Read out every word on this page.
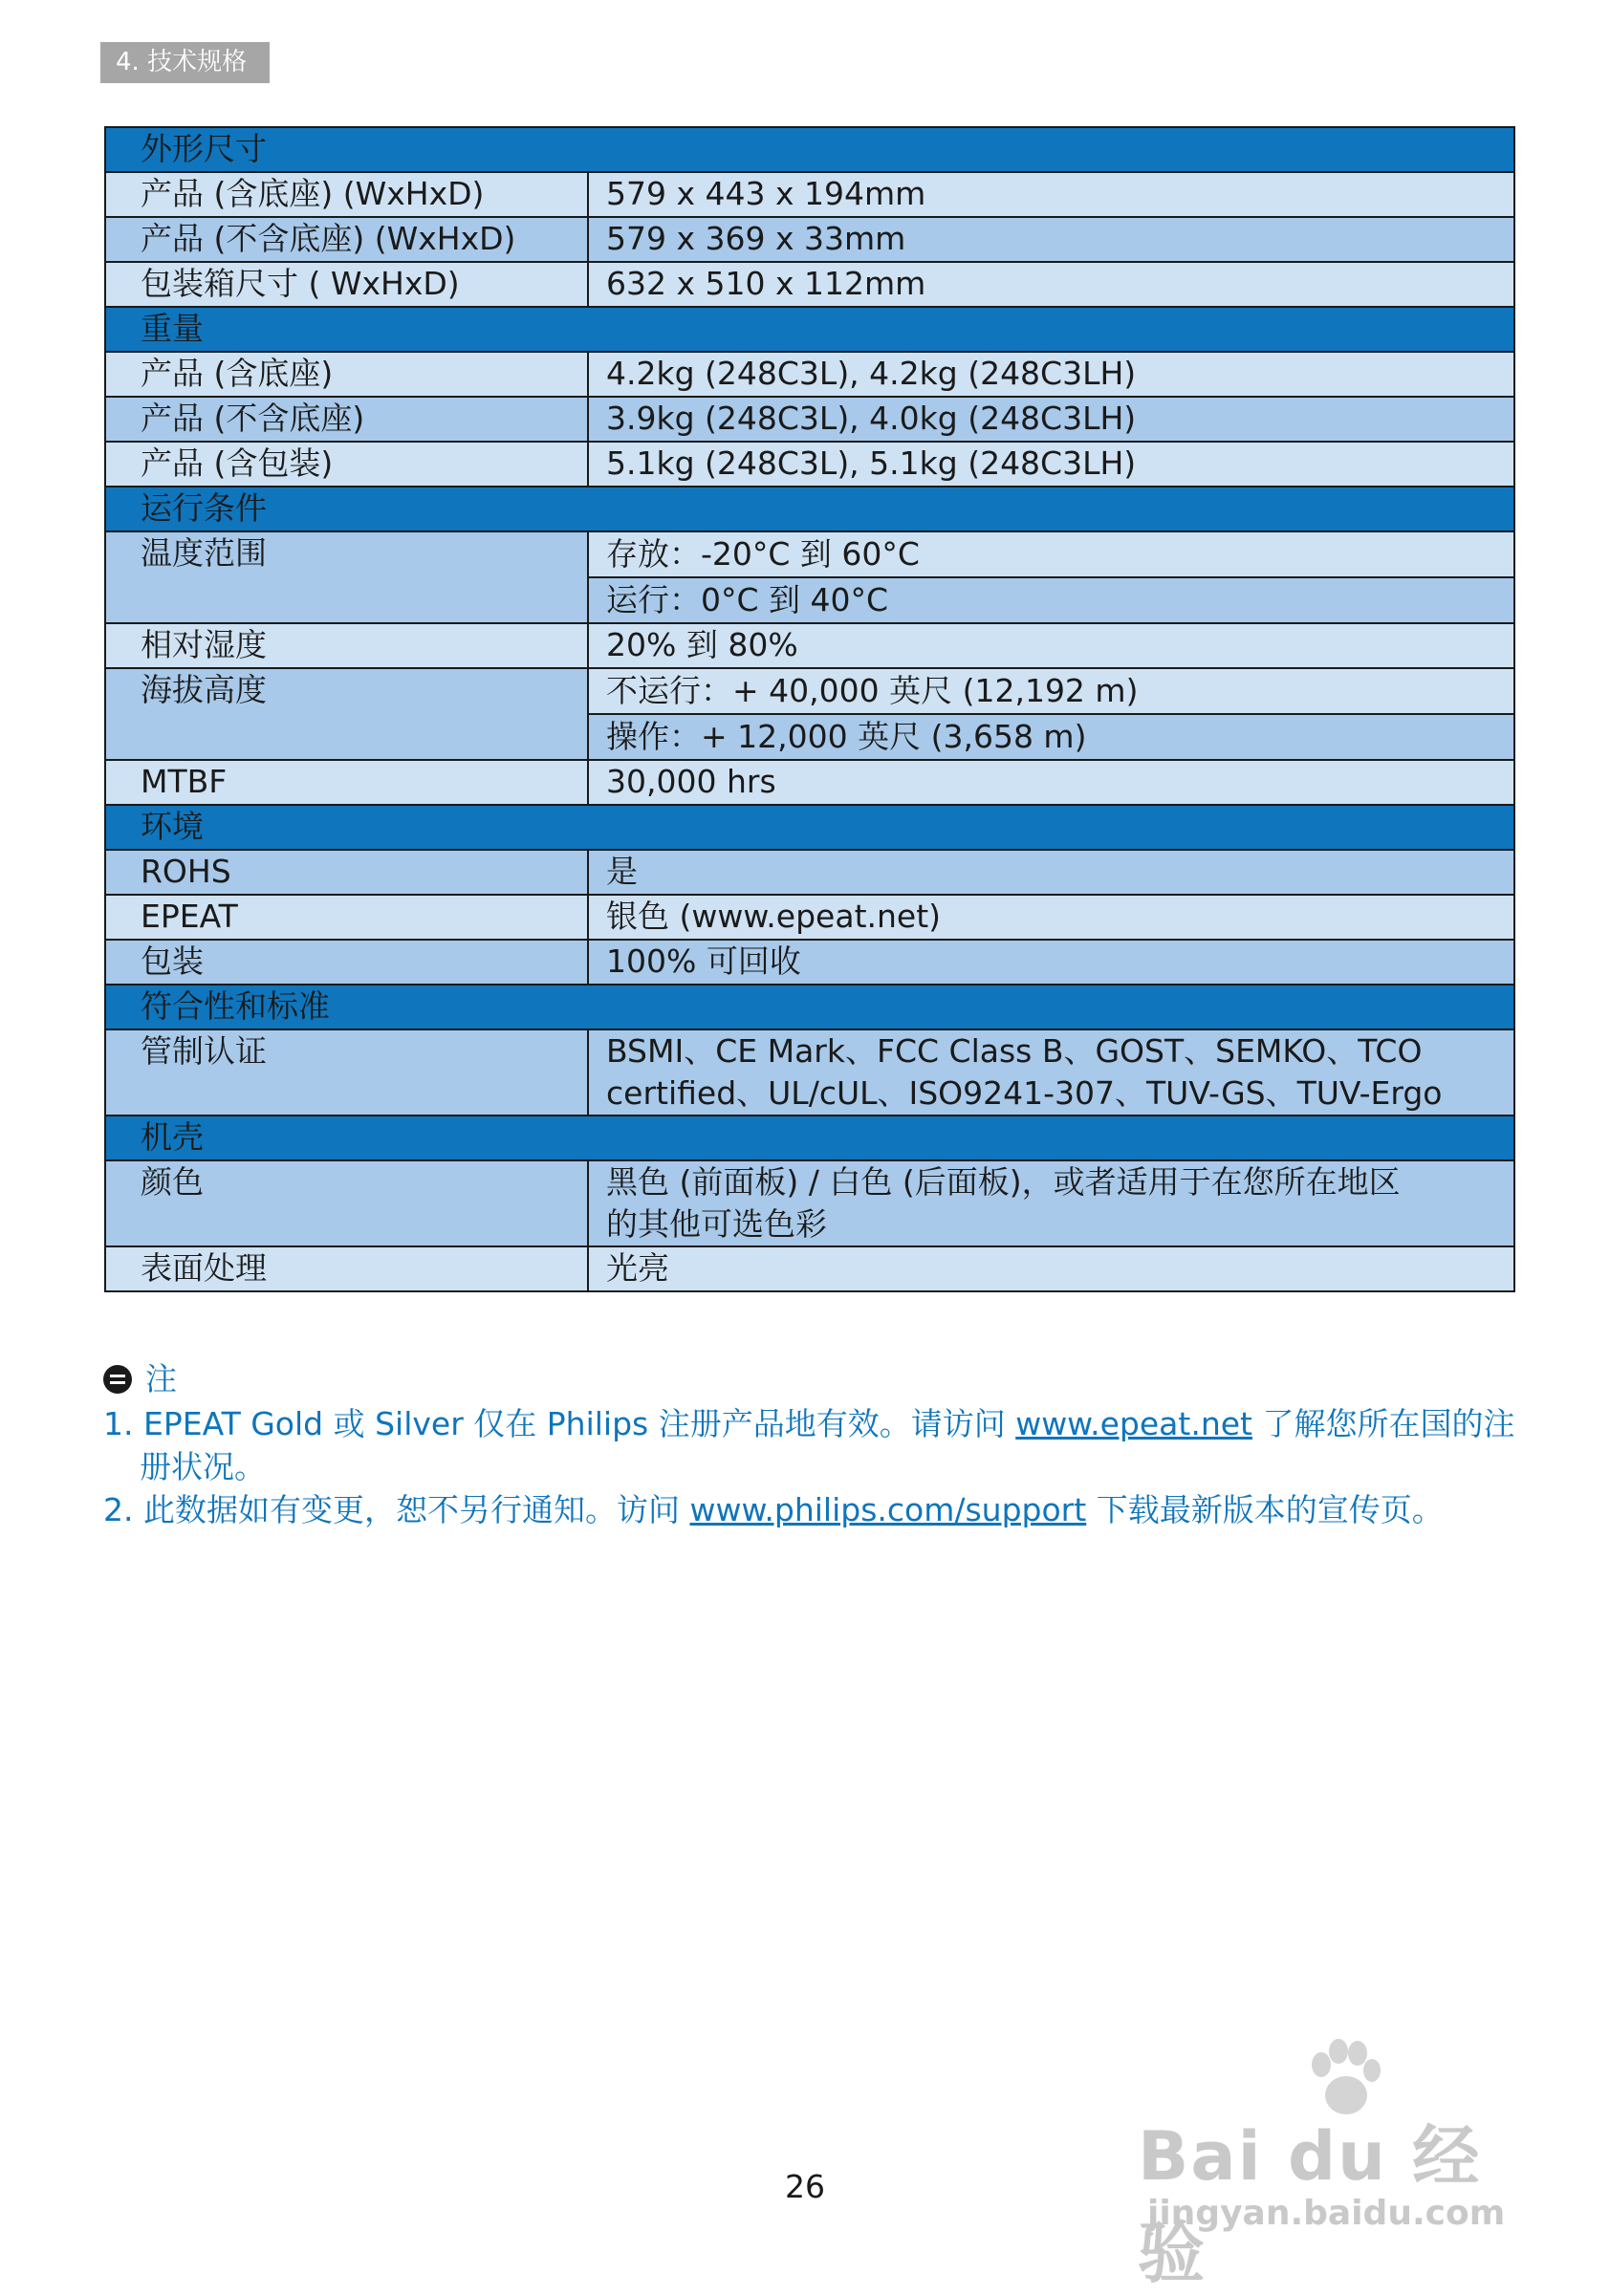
4. 技术规格
外形尺寸	
产品 (含底座) (WxHxD)	579 x 443 x 194mm
产品 (不含底座) (WxHxD)	579 x 369 x 33mm
包装箱尺寸 ( WxHxD)	632 x 510 x 112mm
重量	
产品 (含底座)	4.2kg (248C3L), 4.2kg (248C3LH)
产品 (不含底座)	3.9kg (248C3L), 4.0kg (248C3LH)
产品 (含包装)	5.1kg (248C3L), 5.1kg (248C3LH)
运行条件	
温度范围	存放：-20°C 到 60°C
运行：0°C 到 40°C

相对湿度	20% 到 80%
海拔高度	不运行：+ 40,000 英尺 (12,192 m)
操作：+ 12,000 英尺 (3,658 m)

MTBF	30,000 hrs
环境	
ROHS	是
EPEAT	银色 (www.epeat.net)
包装	100% 可回收
符合性和标准	
管制认证	BSMI、CE Mark、FCC Class B、GOST、SEMKO、TCO
certified、UL/cUL、ISO9241-307、TUV-GS、TUV-Ergo

机壳	
颜色	黑色 (前面板) / 白色 (后面板)，或者适用于在您所在地区
的其他可选色彩

表面处理	光亮
注
1. EPEAT Gold 或 Silver 仅在 Philips 注册产品地有效。请访问 www.epeat.net 了解您所在国的注
册状况。
2. 此数据如有变更，恕不另行通知。访问 www.philips.com/support 下载最新版本的宣传页。
26	Bai du 经验
jingyan.baidu.com
